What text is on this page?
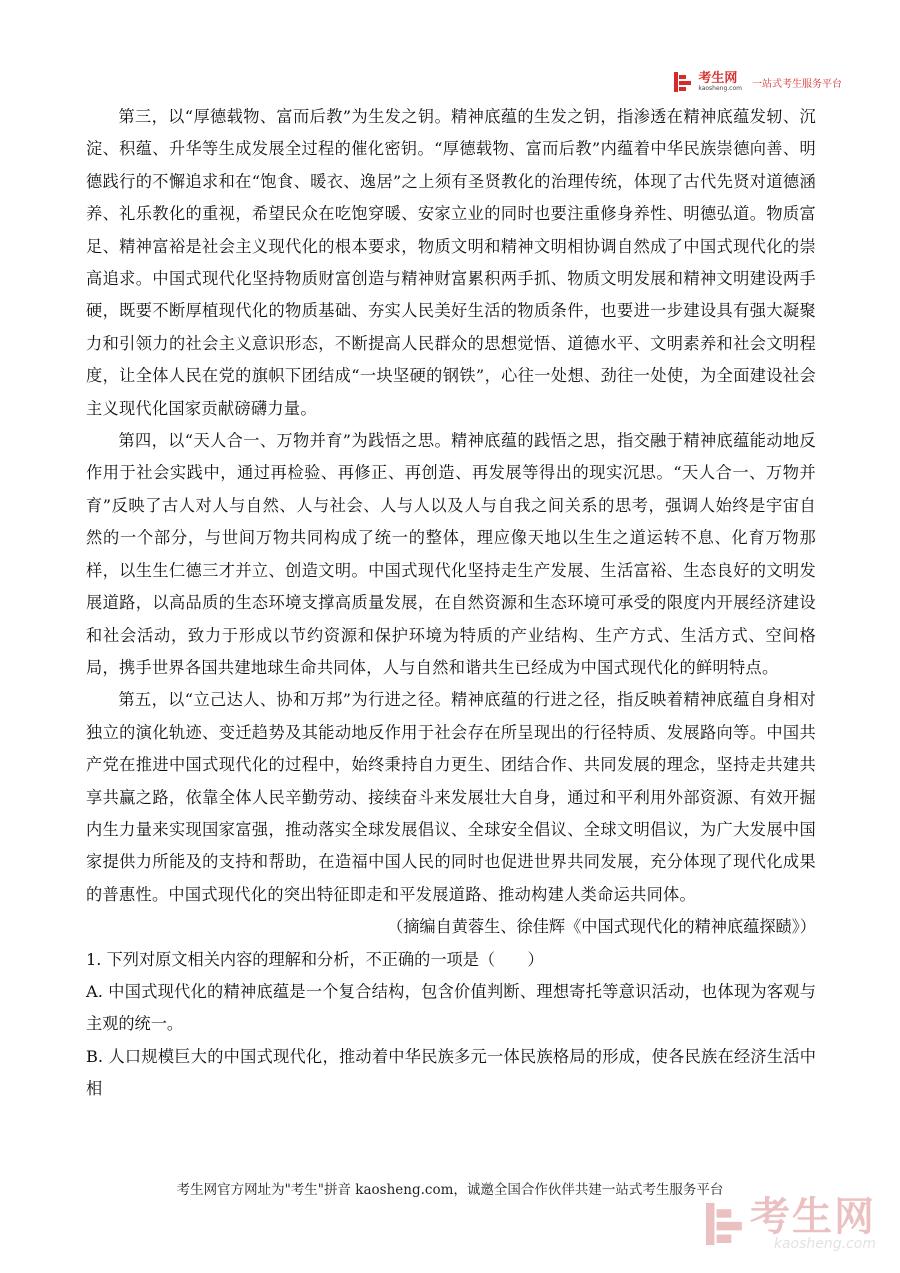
考生网
kaosheng.com 一站式考生服务平台

第三，以“厚德载物、富而后教”为生发之钥。精神底蕴的生发之钥，指渗透在精神底蕴发轫、沉淀、积蕴、升华等生成发展全过程的催化密钥。“厚德载物、富而后教”内蕴着中华民族崇德向善、明德践行的不懈追求和在“饱食、暖衣、逸居”之上须有圣贤教化的治理传统，体现了古代先贤对道德涵养、礼乐教化的重视，希望民众在吃饱穿暖、安家立业的同时也要注重修身养性、明德弘道。物质富足、精神富裕是社会主义现代化的根本要求，物质文明和精神文明相协调自然成了中国式现代化的崇高追求。中国式现代化坚持物质财富创造与精神财富累积两手抓、物质文明发展和精神文明建设两手硬，既要不断厚植现代化的物质基础、夯实人民美好生活的物质条件，也要进一步建设具有强大凝聚力和引领力的社会主义意识形态，不断提高人民群众的思想觉悟、道德水平、文明素养和社会文明程度，让全体人民在党的旗帜下团结成“一块坚硬的钢铁”，心往一处想、劲往一处使，为全面建设社会主义现代化国家贡献磅礴力量。

第四，以“天人合一、万物并育”为践悟之思。精神底蕴的践悟之思，指交融于精神底蕴能动地反作用于社会实践中，通过再检验、再修正、再创造、再发展等得出的现实沉思。“天人合一、万物并育”反映了古人对人与自然、人与社会、人与人以及人与自我之间关系的思考，强调人始终是宇宙自然的一个部分，与世间万物共同构成了统一的整体，理应像天地以生生之道运转不息、化育万物那样，以生生仁德三才并立、创造文明。中国式现代化坚持走生产发展、生活富裕、生态良好的文明发展道路，以高品质的生态环境支撑高质量发展，在自然资源和生态环境可承受的限度内开展经济建设和社会活动，致力于形成以节约资源和保护环境为特质的产业结构、生产方式、生活方式、空间格局，携手世界各国共建地球生命共同体，人与自然和谐共生已经成为中国式现代化的鲜明特点。

第五，以“立己达人、协和万邦”为行进之径。精神底蕴的行进之径，指反映着精神底蕴自身相对独立的演化轨迹、变迁趋势及其能动地反作用于社会存在所呈现出的行径特质、发展路向等。中国共产党在推进中国式现代化的过程中，始终秉持自力更生、团结合作、共同发展的理念，坚持走共建共享共赢之路，依靠全体人民辛勤劳动、接续奋斗来发展壮大自身，通过和平利用外部资源、有效开掘内生力量来实现国家富强，推动落实全球发展倡议、全球安全倡议、全球文明倡议，为广大发展中国家提供力所能及的支持和帮助，在造福中国人民的同时也促进世界共同发展，充分体现了现代化成果的普惠性。中国式现代化的突出特征即走和平发展道路、推动构建人类命运共同体。

（摘编自黄蓉生、徐佳辉《中国式现代化的精神底蕴探赜》）

1. 下列对原文相关内容的理解和分析，不正确的一项是（　　）

A. 中国式现代化的精神底蕴是一个复合结构，包含价值判断、理想寄托等意识活动，也体现为客观与主观的统一。

B. 人口规模巨大的中国式现代化，推动着中华民族多元一体民族格局的形成，使各民族在经济生活中相

考生网官方网址为"考生"拼音 kaosheng.com，诚邀全国合作伙伴共建一站式考生服务平台
考生网
kaosheng.com
